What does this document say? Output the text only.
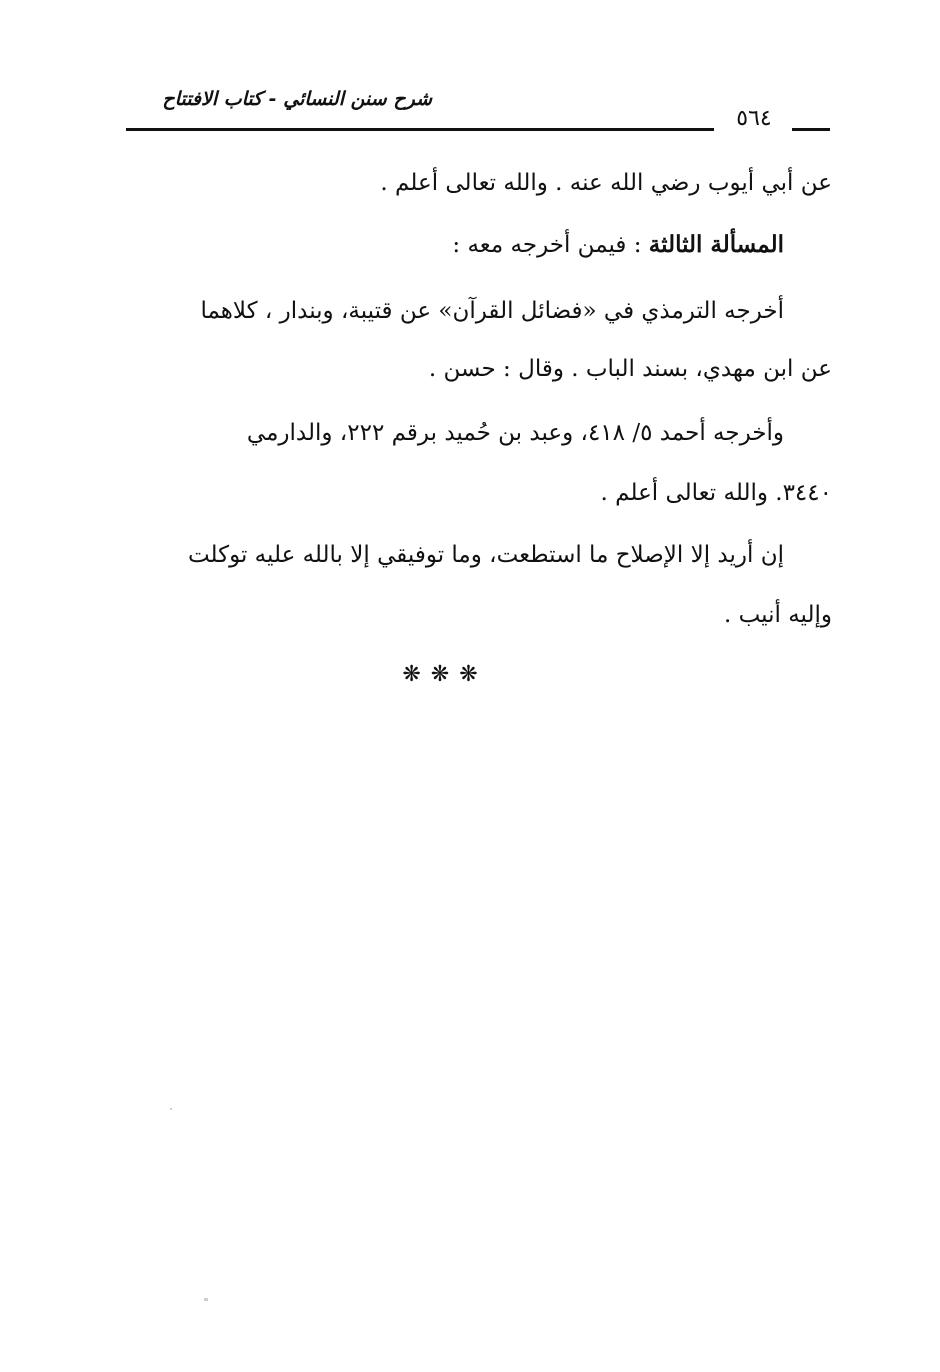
شرح سنن النسائي - كتاب الافتتاح
٥٦٤
عن أبي أيوب رضي الله عنه . والله تعالى أعلم .
المسألة الثالثة : فيمن أخرجه معه :
أخرجه الترمذي في «فضائل القرآن» عن قتيبة، وبندار ، كلاهما
عن ابن مهدي، بسند الباب . وقال : حسن .
وأخرجه أحمد ٥/ ٤١٨، وعبد بن حُميد برقم ٢٢٢، والدارمي
٣٤٤٠. والله تعالى أعلم .
إن أريد إلا الإصلاح ما استطعت، وما توفيقي إلا بالله عليه توكلت
وإليه أنيب .
❋❋❋
